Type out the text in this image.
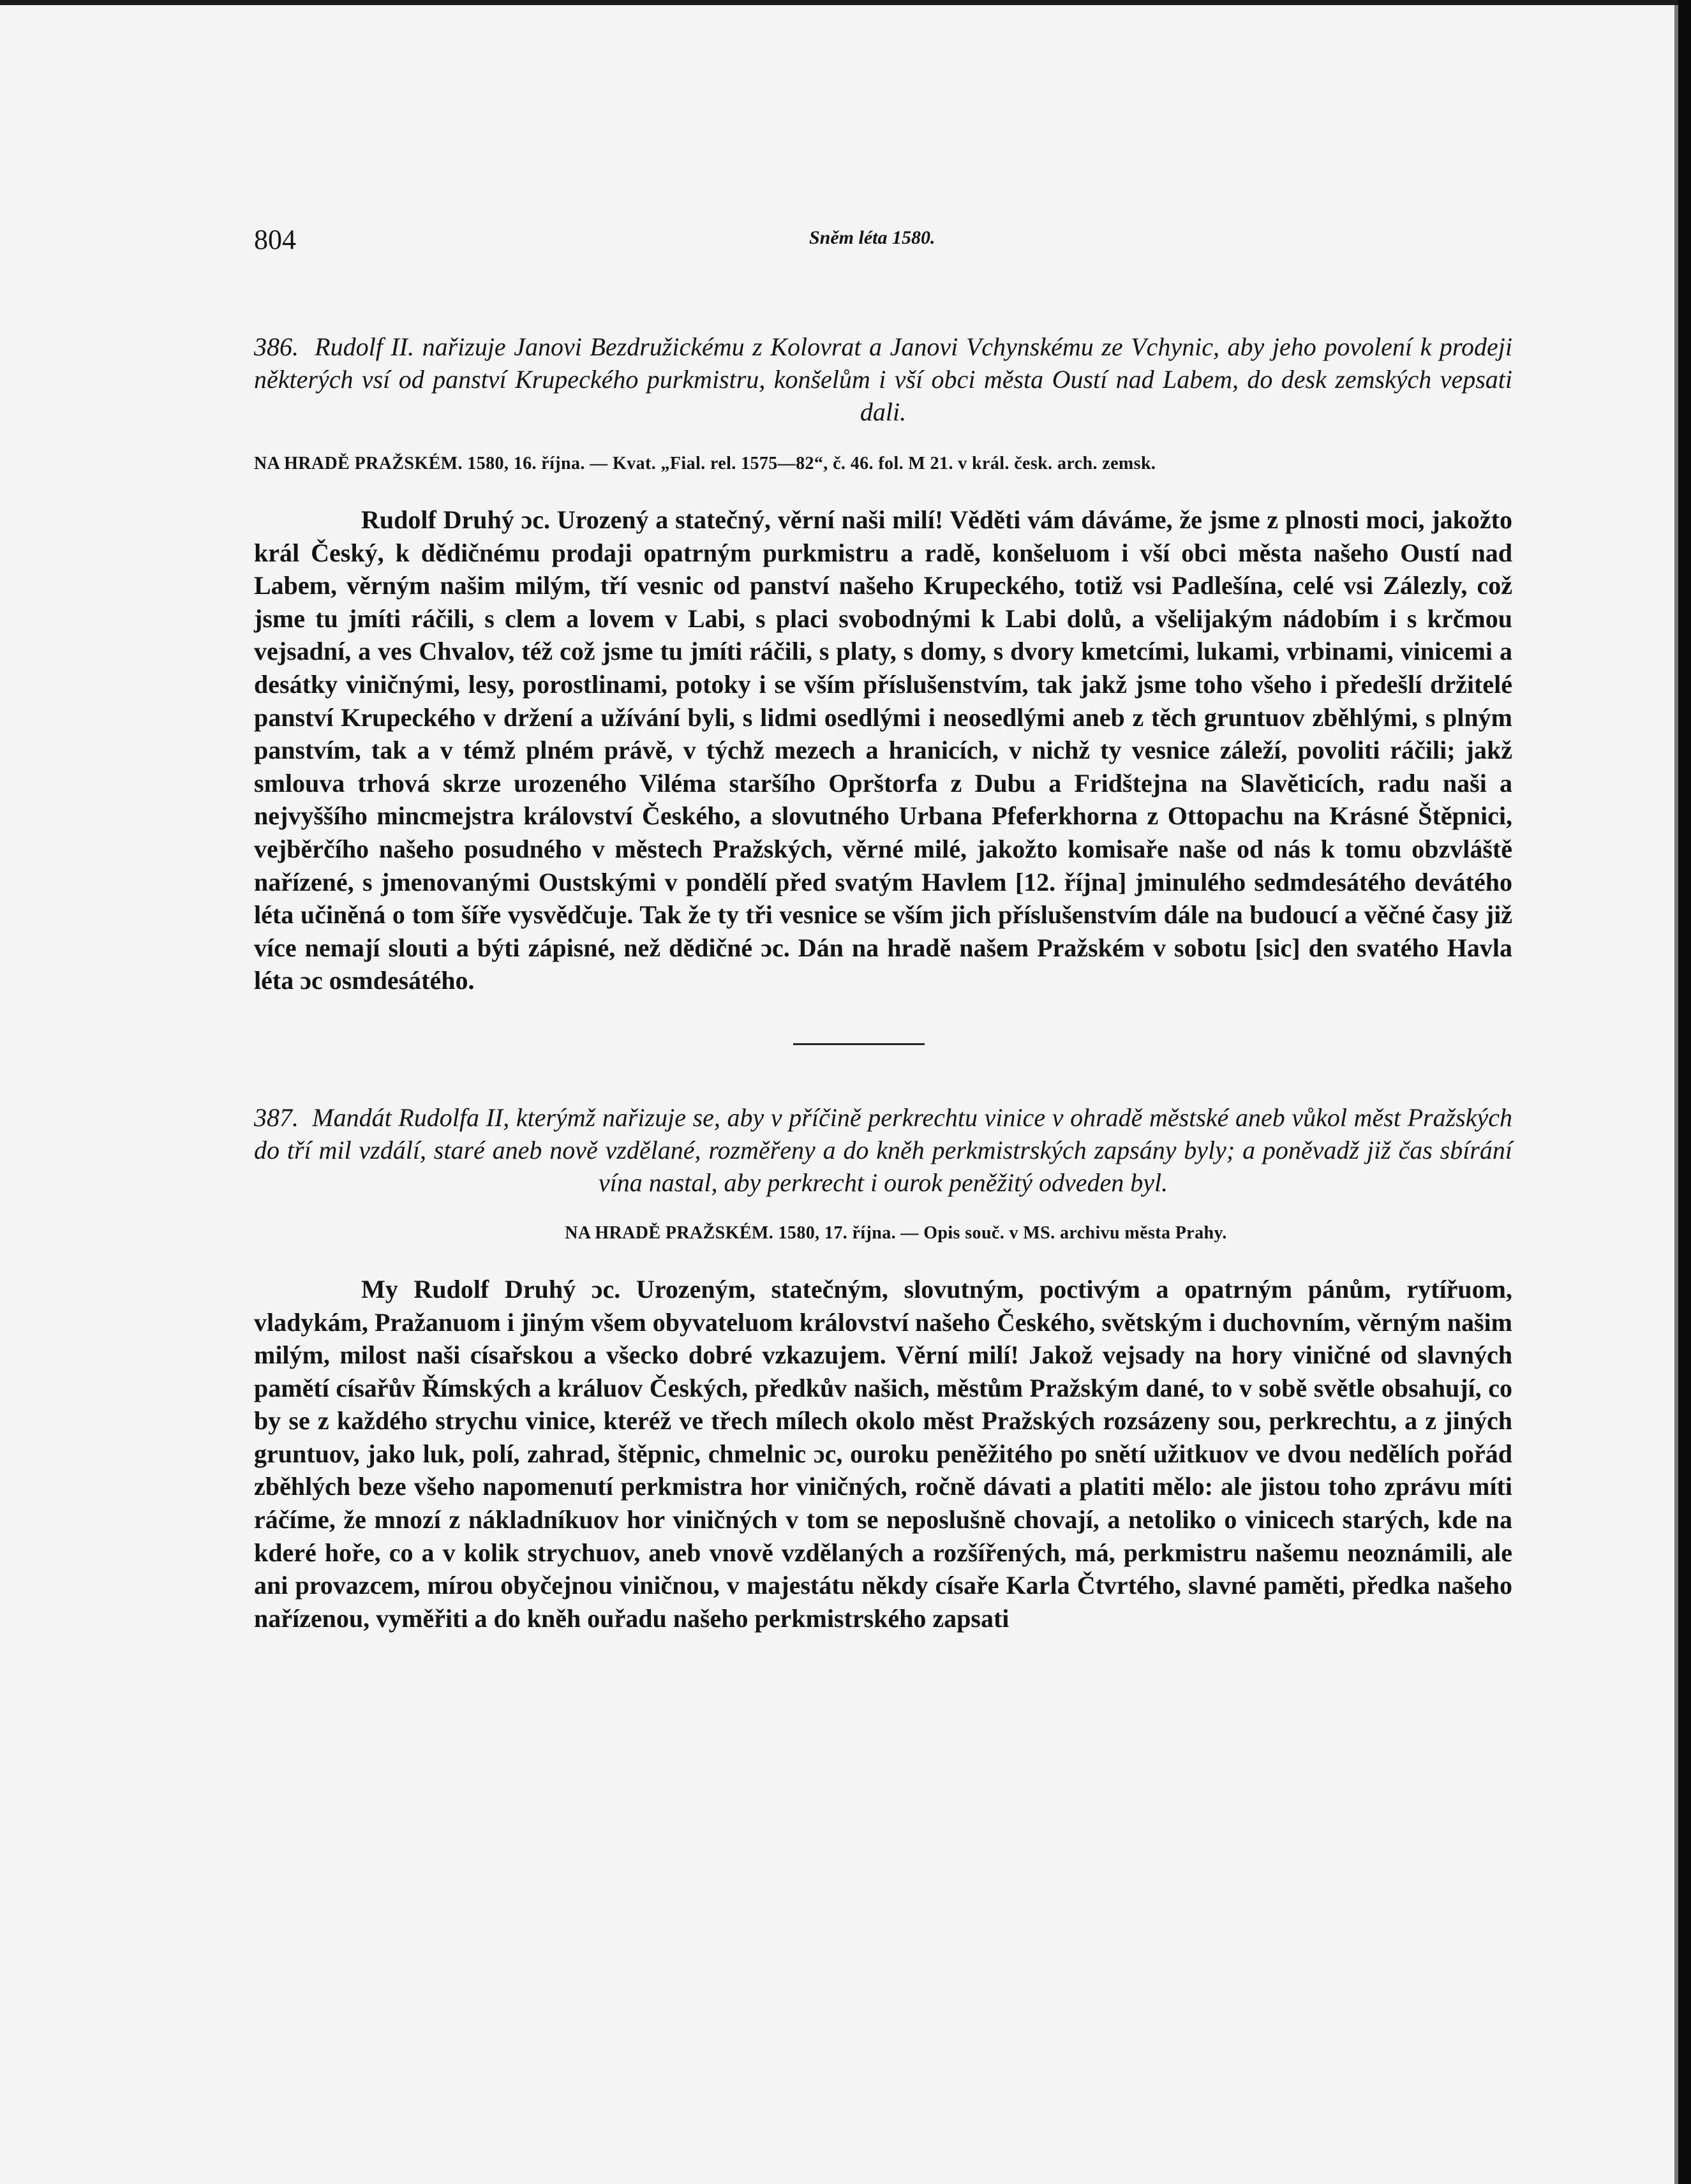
804	Sněm léta 1580.

386. Rudolf II. nařizuje Janovi Bezdružickému z Kolovrat a Janovi Vchynskému ze Vchynic, aby jeho povolení k prodeji některých vsí od panství Krupeckého purkmistru, konšelům i vší obci města Oustí nad Labem, do desk zemských vepsati dali.

NA HRADĚ PRAŽSKÉM. 1580, 16. října. — Kvat. „Fial. rel. 1575—82“, č. 46. fol. M 21. v král. česk. arch. zemsk.

Rudolf Druhý ɔc. Urozený a statečný, věrní naši milí! Věděti vám dáváme, že jsme z plnosti moci, jakožto král Český, k dědičnému prodaji opatrným purkmistru a radě, konšeluom i vší obci města našeho Oustí nad Labem, věrným našim milým, tří vesnic od panství našeho Krupeckého, totiž vsi Padlešína, celé vsi Zálezly, což jsme tu jmíti ráčili, s clem a lovem v Labi, s placi svobodnými k Labi dolů, a všelijakým nádobím i s krčmou vejsadní, a ves Chvalov, též což jsme tu jmíti ráčili, s platy, s domy, s dvory kmetcími, lukami, vrbinami, vinicemi a desátky viničnými, lesy, porostlinami, potoky i se vším příslušenstvím, tak jakž jsme toho všeho i předešlí držitelé panství Krupeckého v držení a užívání byli, s lidmi osedlými i neosedlými aneb z těch gruntuov zběhlými, s plným panstvím, tak a v témž plném právě, v týchž mezech a hranicích, v nichž ty vesnice záleží, povoliti ráčili; jakž smlouva trhová skrze urozeného Viléma staršího Oprštorfa z Dubu a Fridštejna na Slavěticích, radu naši a nejvyššího mincmejstra království Českého, a slovutného Urbana Pfeferkhorna z Ottopachu na Krásné Štěpnici, vejběrčího našeho posudného v městech Pražských, věrné milé, jakožto komisaře naše od nás k tomu obzvláště nařízené, s jmenovanými Oustskými v pondělí před svatým Havlem [12. října] jminulého sedmdesátého devátého léta učiněná o tom šíře vysvědčuje. Tak že ty tři vesnice se vším jich příslušenstvím dále na budoucí a věčné časy již více nemají slouti a býti zápisné, než dědičné ɔc. Dán na hradě našem Pražském v sobotu [sic] den svatého Havla léta ɔc osmdesátého.

387. Mandát Rudolfa II, kterýmž nařizuje se, aby v příčině perkrechtu vinice v ohradě městské aneb vůkol měst Pražských do tří mil vzdálí, staré aneb nově vzdělané, rozměřeny a do kněh perkmistrských zapsány byly; a poněvadž již čas sbírání vína nastal, aby perkrecht i ourok peněžitý odveden byl.

NA HRADĚ PRAŽSKÉM. 1580, 17. října. — Opis souč. v MS. archivu města Prahy.

My Rudolf Druhý ɔc. Urozeným, statečným, slovutným, poctivým a opatrným pánům, rytířuom, vladykám, Pražanuom i jiným všem obyvateluom království našeho Českého, světským i duchovním, věrným našim milým, milost naši císařskou a všecko dobré vzkazujem. Věrní milí! Jakož vejsady na hory viničné od slavných pamětí císařův Římských a králuov Českých, předkův našich, městům Pražským dané, to v sobě světle obsahují, co by se z každého strychu vinice, kteréž ve třech mílech okolo měst Pražských rozsázeny sou, perkrechtu, a z jiných gruntuov, jako luk, polí, zahrad, štěpnic, chmelnic ɔc, ouroku peněžitého po snětí užitkuov ve dvou nedělích pořád zběhlých beze všeho napomenutí perkmistra hor viničných, ročně dávati a platiti mělo: ale jistou toho zprávu míti ráčíme, že mnozí z nákladníkuov hor viničných v tom se neposlušně chovají, a netoliko o vinicech starých, kde na kderé hoře, co a v kolik strychuov, aneb vnově vzdělaných a rozšířených, má, perkmistru našemu neoznámili, ale ani provazcem, mírou obyčejnou viničnou, v majestátu někdy císaře Karla Čtvrtého, slavné paměti, předka našeho nařízenou, vyměřiti a do kněh ouřadu našeho perkmistrského zapsati
